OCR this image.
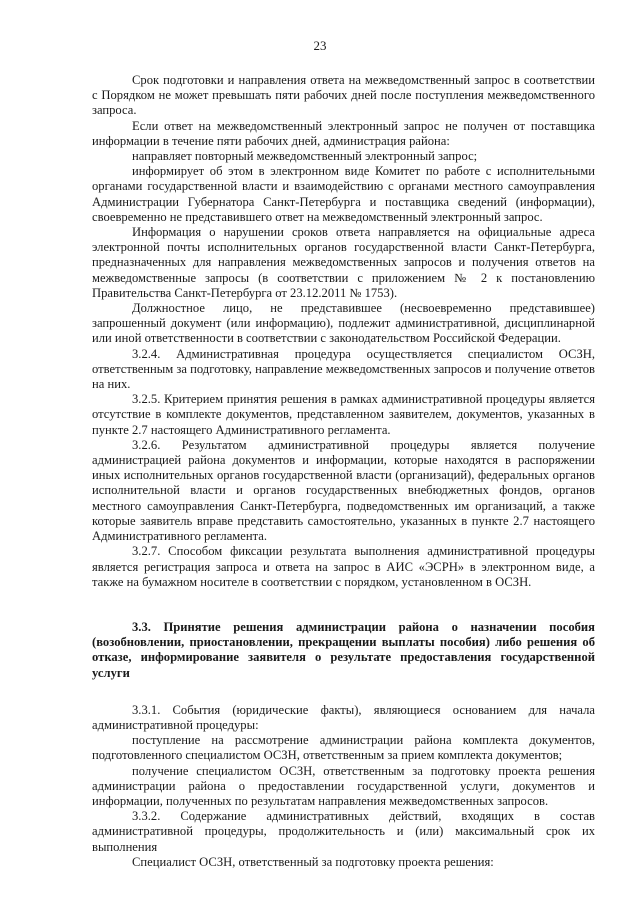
23

Срок подготовки и направления ответа на межведомственный запрос в соответствии с Порядком не может превышать пяти рабочих дней после поступления межведомственного запроса.

Если ответ на межведомственный электронный запрос не получен от поставщика информации в течение пяти рабочих дней, администрация района:

направляет повторный межведомственный электронный запрос;

информирует об этом в электронном виде Комитет по работе с исполнительными органами государственной власти и взаимодействию с органами местного самоуправления Администрации Губернатора Санкт-Петербурга и поставщика сведений (информации), своевременно не представившего ответ на межведомственный электронный запрос.

Информация о нарушении сроков ответа направляется на официальные адреса электронной почты исполнительных органов государственной власти Санкт-Петербурга, предназначенных для направления межведомственных запросов и получения ответов на межведомственные запросы (в соответствии с приложением № 2 к постановлению Правительства Санкт-Петербурга от 23.12.2011 № 1753).

Должностное лицо, не представившее (несвоевременно представившее) запрошенный документ (или информацию), подлежит административной, дисциплинарной или иной ответственности в соответствии с законодательством Российской Федерации.

3.2.4. Административная процедура осуществляется специалистом ОСЗН, ответственным за подготовку, направление межведомственных запросов и получение ответов на них.

3.2.5. Критерием принятия решения в рамках административной процедуры является отсутствие в комплекте документов, представленном заявителем, документов, указанных в пункте 2.7 настоящего Административного регламента.

3.2.6. Результатом административной процедуры является получение администрацией района документов и информации, которые находятся в распоряжении иных исполнительных органов государственной власти (организаций), федеральных органов исполнительной власти и органов государственных внебюджетных фондов, органов местного самоуправления Санкт-Петербурга, подведомственных им организаций, а также которые заявитель вправе представить самостоятельно, указанных в пункте 2.7 настоящего Административного регламента.

3.2.7. Способом фиксации результата выполнения административной процедуры является регистрация запроса и ответа на запрос в АИС «ЭСРН» в электронном виде, а также на бумажном носителе в соответствии с порядком, установленном в ОСЗН.

3.3. Принятие решения администрации района о назначении пособия (возобновлении, приостановлении, прекращении выплаты пособия) либо решения об отказе, информирование заявителя о результате предоставления государственной услуги

3.3.1. События (юридические факты), являющиеся основанием для начала административной процедуры:

поступление на рассмотрение администрации района комплекта документов, подготовленного специалистом ОСЗН, ответственным за прием комплекта документов;

получение специалистом ОСЗН, ответственным за подготовку проекта решения администрации района о предоставлении государственной услуги, документов и информации, полученных по результатам направления межведомственных запросов.

3.3.2. Содержание административных действий, входящих в состав административной процедуры, продолжительность и (или) максимальный срок их выполнения

Специалист ОСЗН, ответственный за подготовку проекта решения:
